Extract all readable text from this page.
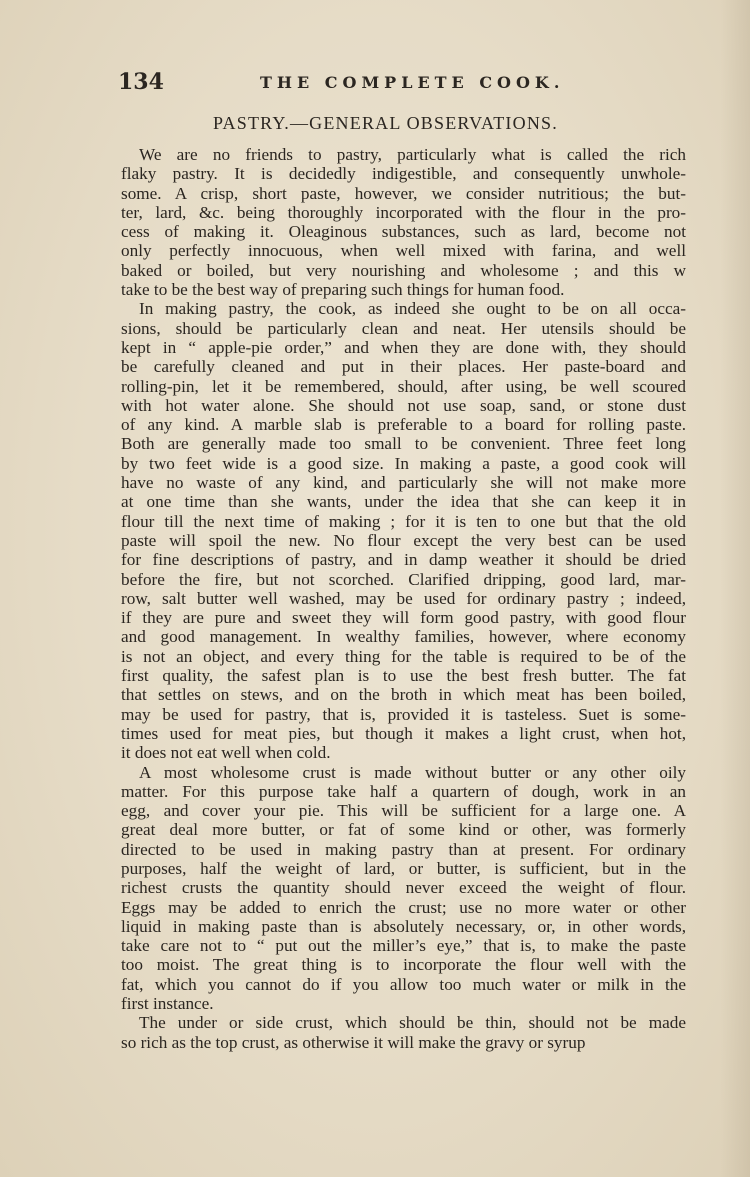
134	THE COMPLETE COOK.
PASTRY.—GENERAL OBSERVATIONS.

We are no friends to pastry, particularly what is called the rich
flaky pastry. It is decidedly indigestible, and consequently unwhole-
some. A crisp, short paste, however, we consider nutritious; the but-
ter, lard, &c. being thoroughly incorporated with the flour in the pro-
cess of making it. Oleaginous substances, such as lard, become not
only perfectly innocuous, when well mixed with farina, and well
baked or boiled, but very nourishing and wholesome ; and this w
take to be the best way of preparing such things for human food.

In making pastry, the cook, as indeed she ought to be on all occa-
sions, should be particularly clean and neat. Her utensils should be
kept in “ apple-pie order,” and when they are done with, they should
be carefully cleaned and put in their places. Her paste-board and
rolling-pin, let it be remembered, should, after using, be well scoured
with hot water alone. She should not use soap, sand, or stone dust
of any kind. A marble slab is preferable to a board for rolling paste.
Both are generally made too small to be convenient. Three feet long
by two feet wide is a good size. In making a paste, a good cook will
have no waste of any kind, and particularly she will not make more
at one time than she wants, under the idea that she can keep it in
flour till the next time of making ; for it is ten to one but that the old
paste will spoil the new. No flour except the very best can be used
for fine descriptions of pastry, and in damp weather it should be dried
before the fire, but not scorched. Clarified dripping, good lard, mar-
row, salt butter well washed, may be used for ordinary pastry ; indeed,
if they are pure and sweet they will form good pastry, with good flour
and good management. In wealthy families, however, where economy
is not an object, and every thing for the table is required to be of the
first quality, the safest plan is to use the best fresh butter. The fat
that settles on stews, and on the broth in which meat has been boiled,
may be used for pastry, that is, provided it is tasteless. Suet is some-
times used for meat pies, but though it makes a light crust, when hot,
it does not eat well when cold.

A most wholesome crust is made without butter or any other oily
matter. For this purpose take half a quartern of dough, work in an
egg, and cover your pie. This will be sufficient for a large one. A
great deal more butter, or fat of some kind or other, was formerly
directed to be used in making pastry than at present. For ordinary
purposes, half the weight of lard, or butter, is sufficient, but in the
richest crusts the quantity should never exceed the weight of flour.
Eggs may be added to enrich the crust; use no more water or other
liquid in making paste than is absolutely necessary, or, in other words,
take care not to “ put out the miller’s eye,” that is, to make the paste
too moist. The great thing is to incorporate the flour well with the
fat, which you cannot do if you allow too much water or milk in the
first instance.

The under or side crust, which should be thin, should not be made
so rich as the top crust, as otherwise it will make the gravy or syrup
